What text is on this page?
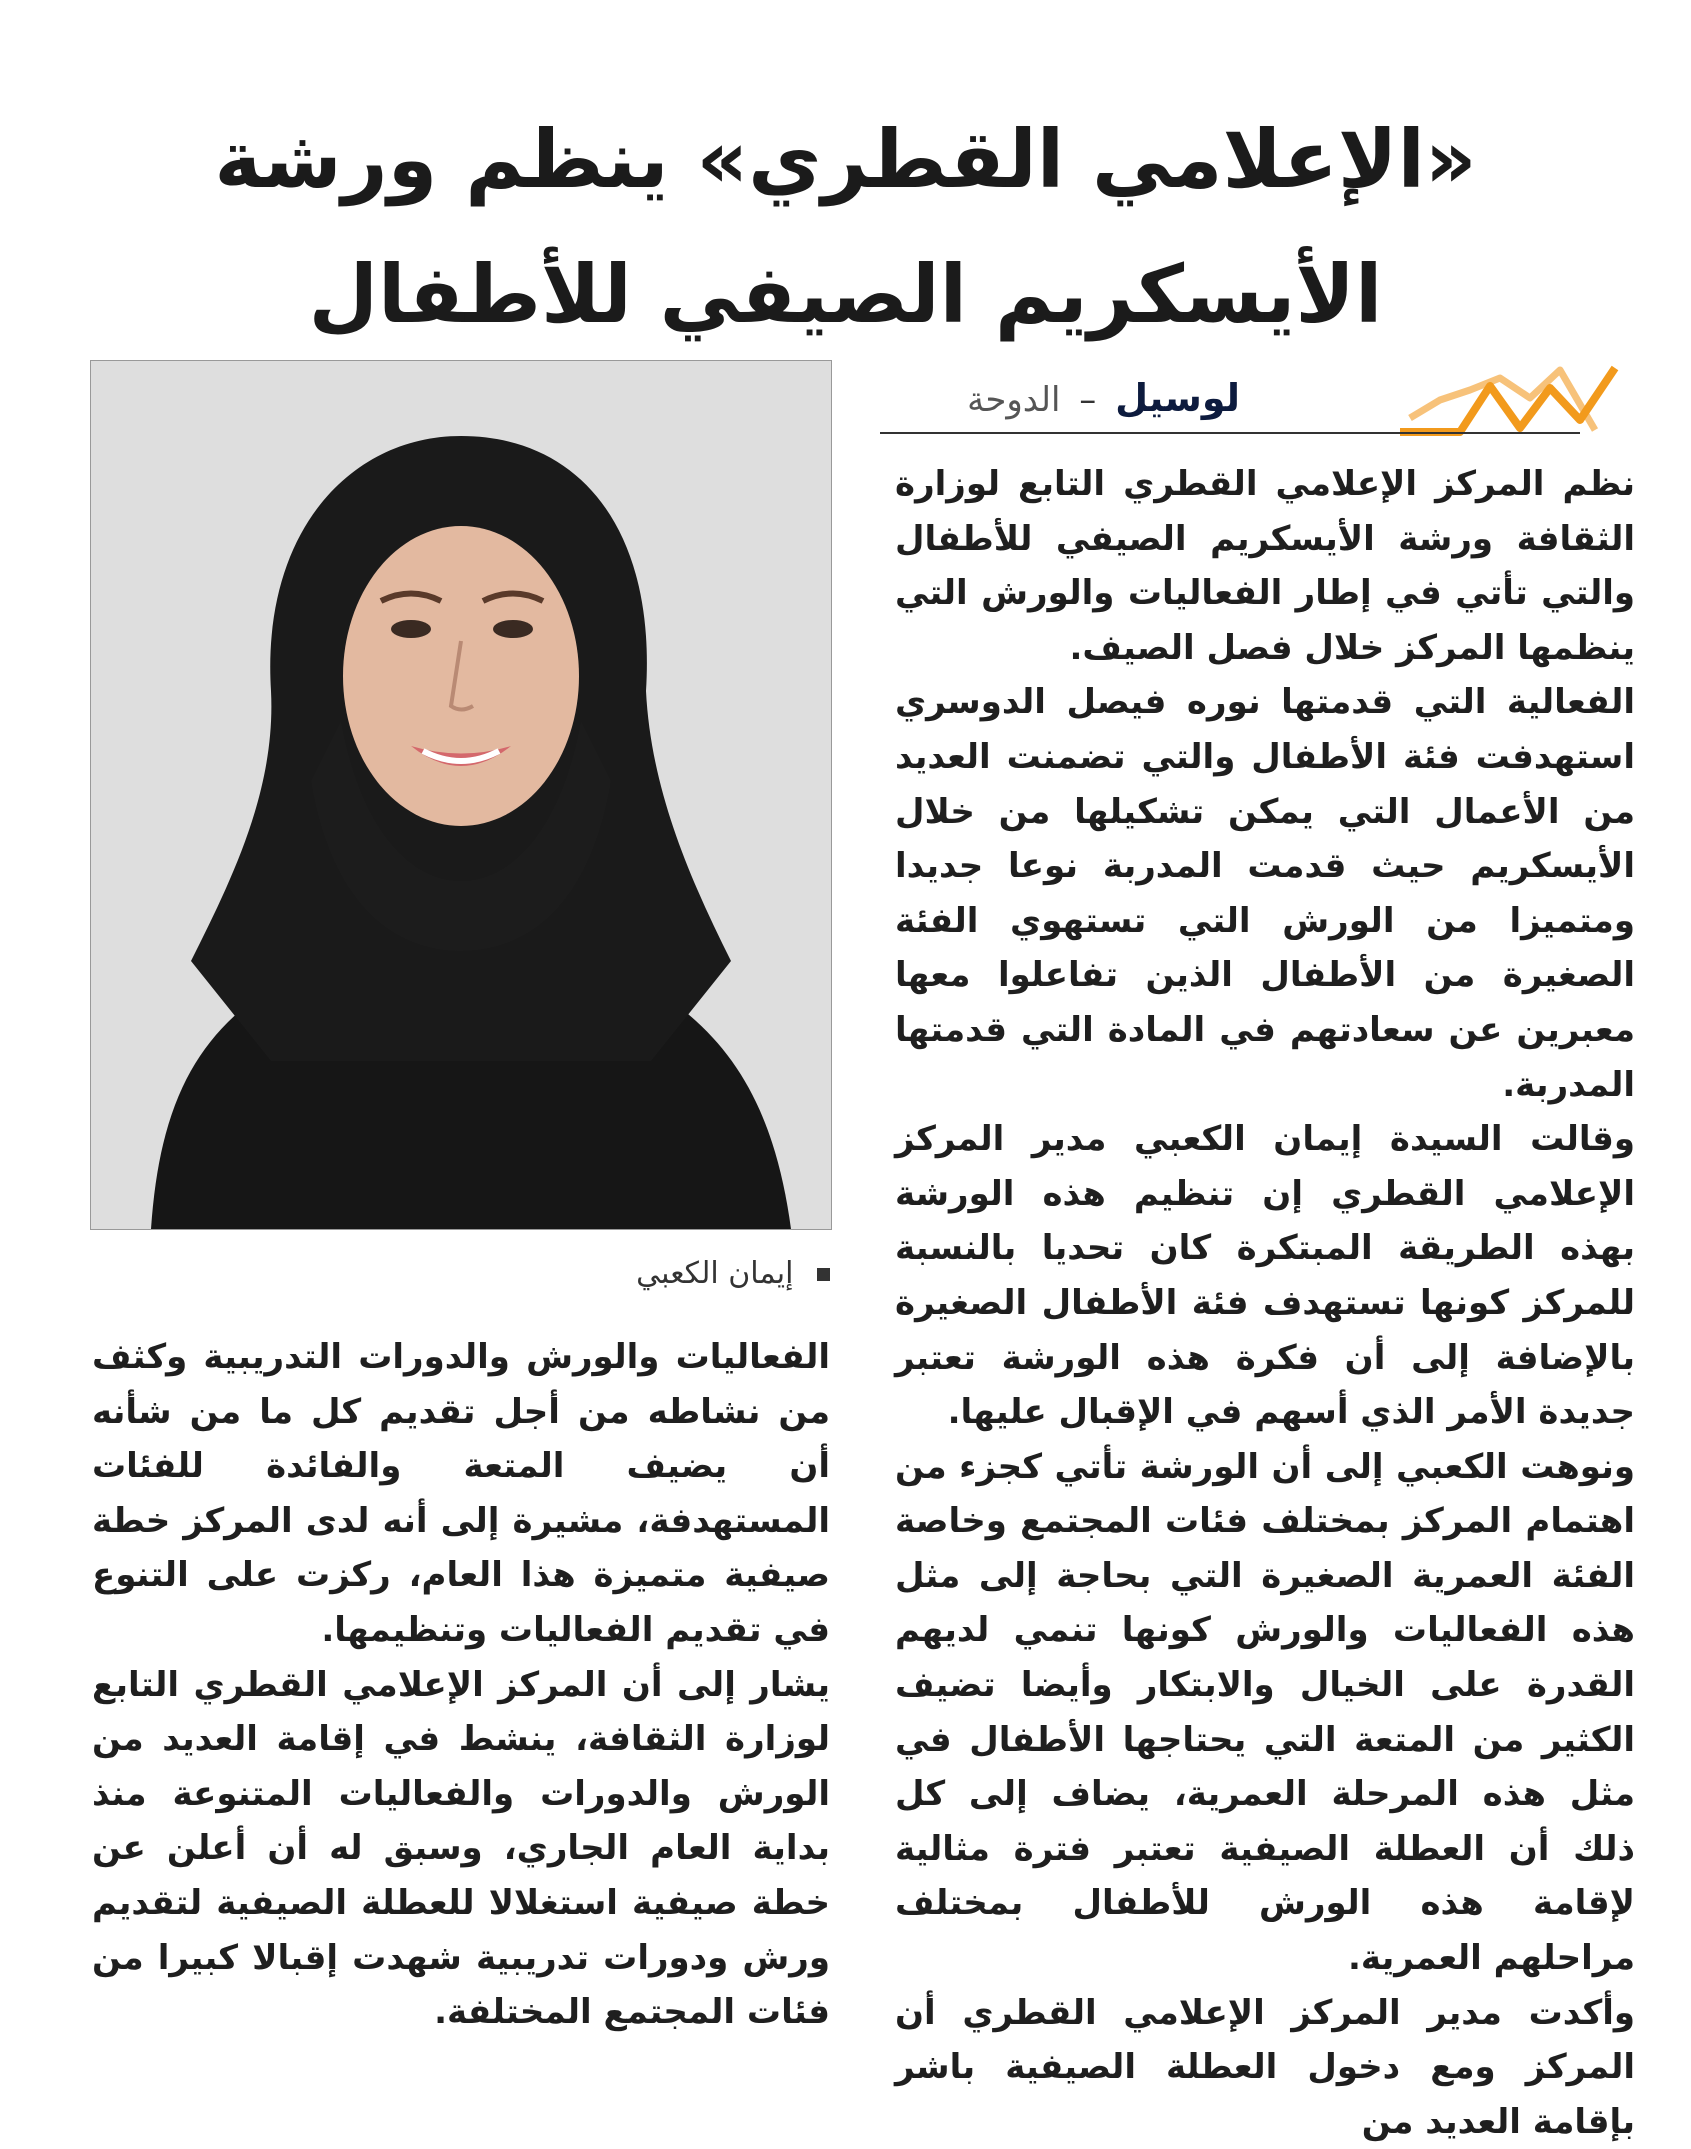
«الإعلامي القطري» ينظم ورشة
الأيسكريم الصيفي للأطفال
لوسيل – الدوحة
إيمان الكعبي

نظم المركز الإعلامي القطري التابع لوزارة الثقافة ورشة الأيسكريم الصيفي للأطفال والتي تأتي في إطار الفعاليات والورش التي ينظمها المركز خلال فصل الصيف.

الفعالية التي قدمتها نوره فيصل الدوسري استهدفت فئة الأطفال والتي تضمنت العديد من الأعمال التي يمكن تشكيلها من خلال الأيسكريم حيث قدمت المدربة نوعا جديدا ومتميزا من الورش التي تستهوي الفئة الصغيرة من الأطفال الذين تفاعلوا معها معبرين عن سعادتهم في المادة التي قدمتها المدربة.

وقالت السيدة إيمان الكعبي مدير المركز الإعلامي القطري إن تنظيم هذه الورشة بهذه الطريقة المبتكرة كان تحديا بالنسبة للمركز كونها تستهدف فئة الأطفال الصغيرة بالإضافة إلى أن فكرة هذه الورشة تعتبر جديدة الأمر الذي أسهم في الإقبال عليها.

ونوهت الكعبي إلى أن الورشة تأتي كجزء من اهتمام المركز بمختلف فئات المجتمع وخاصة الفئة العمرية الصغيرة التي بحاجة إلى مثل هذه الفعاليات والورش كونها تنمي لديهم القدرة على الخيال والابتكار وأيضا تضيف الكثير من المتعة التي يحتاجها الأطفال في مثل هذه المرحلة العمرية، يضاف إلى كل ذلك أن العطلة الصيفية تعتبر فترة مثالية لإقامة هذه الورش للأطفال بمختلف مراحلهم العمرية.

وأكدت مدير المركز الإعلامي القطري أن المركز ومع دخول العطلة الصيفية باشر بإقامة العديد من

الفعاليات والورش والدورات التدريبية وكثف من نشاطه من أجل تقديم كل ما من شأنه أن يضيف المتعة والفائدة للفئات المستهدفة، مشيرة إلى أنه لدى المركز خطة صيفية متميزة هذا العام، ركزت على التنوع في تقديم الفعاليات وتنظيمها.

يشار إلى أن المركز الإعلامي القطري التابع لوزارة الثقافة، ينشط في إقامة العديد من الورش والدورات والفعاليات المتنوعة منذ بداية العام الجاري، وسبق له أن أعلن عن خطة صيفية استغلالا للعطلة الصيفية لتقديم ورش ودورات تدريبية شهدت إقبالا كبيرا من فئات المجتمع المختلفة.
